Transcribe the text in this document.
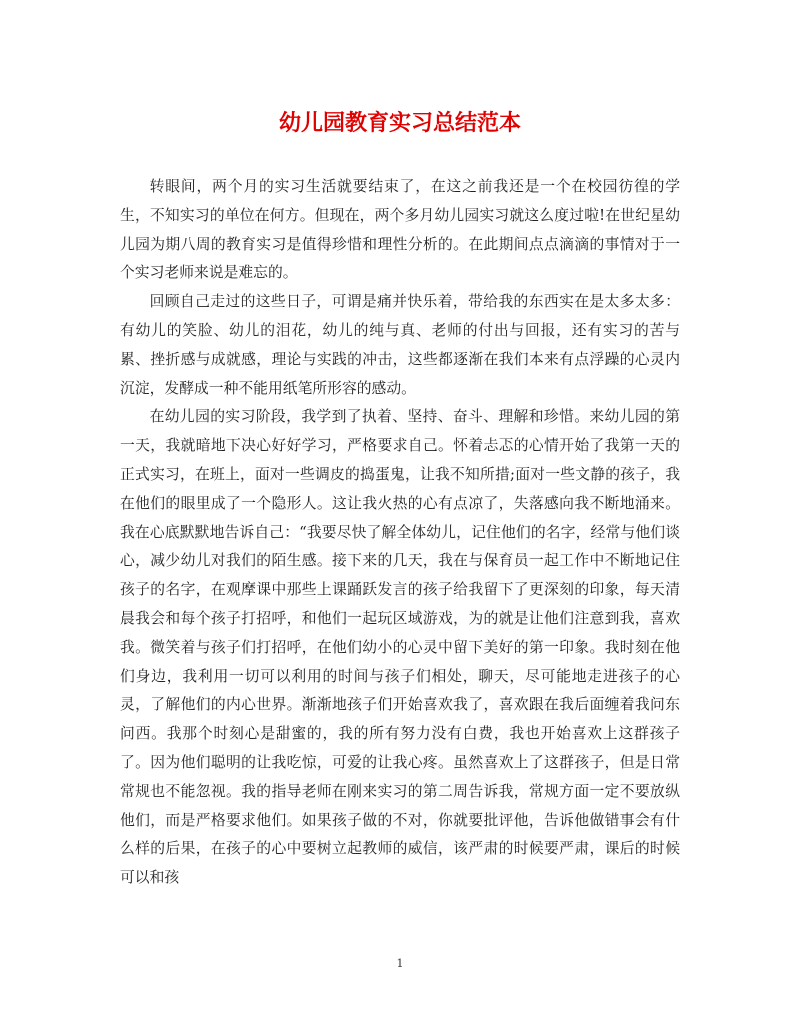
幼儿园教育实习总结范本

转眼间，两个月的实习生活就要结束了，在这之前我还是一个在校园彷徨的学生，不知实习的单位在何方。但现在，两个多月幼儿园实习就这么度过啦!在世纪星幼儿园为期八周的教育实习是值得珍惜和理性分析的。在此期间点点滴滴的事情对于一个实习老师来说是难忘的。

回顾自己走过的这些日子，可谓是痛并快乐着，带给我的东西实在是太多太多：有幼儿的笑脸、幼儿的泪花，幼儿的纯与真、老师的付出与回报，还有实习的苦与累、挫折感与成就感，理论与实践的冲击，这些都逐渐在我们本来有点浮躁的心灵内沉淀，发酵成一种不能用纸笔所形容的感动。

在幼儿园的实习阶段，我学到了执着、坚持、奋斗、理解和珍惜。来幼儿园的第一天，我就暗地下决心好好学习，严格要求自己。怀着忐忑的心情开始了我第一天的正式实习，在班上，面对一些调皮的捣蛋鬼，让我不知所措;面对一些文静的孩子，我在他们的眼里成了一个隐形人。这让我火热的心有点凉了，失落感向我不断地涌来。我在心底默默地告诉自己：“我要尽快了解全体幼儿，记住他们的名字，经常与他们谈心，减少幼儿对我们的陌生感。接下来的几天，我在与保育员一起工作中不断地记住孩子的名字，在观摩课中那些上课踊跃发言的孩子给我留下了更深刻的印象，每天清晨我会和每个孩子打招呼，和他们一起玩区域游戏，为的就是让他们注意到我，喜欢我。微笑着与孩子们打招呼，在他们幼小的心灵中留下美好的第一印象。我时刻在他们身边，我利用一切可以利用的时间与孩子们相处，聊天，尽可能地走进孩子的心灵，了解他们的内心世界。渐渐地孩子们开始喜欢我了，喜欢跟在我后面缠着我问东问西。我那个时刻心是甜蜜的，我的所有努力没有白费，我也开始喜欢上这群孩子了。因为他们聪明的让我吃惊，可爱的让我心疼。虽然喜欢上了这群孩子，但是日常常规也不能忽视。我的指导老师在刚来实习的第二周告诉我，常规方面一定不要放纵他们，而是严格要求他们。如果孩子做的不对，你就要批评他，告诉他做错事会有什么样的后果，在孩子的心中要树立起教师的威信，该严肃的时候要严肃，课后的时候可以和孩

1
